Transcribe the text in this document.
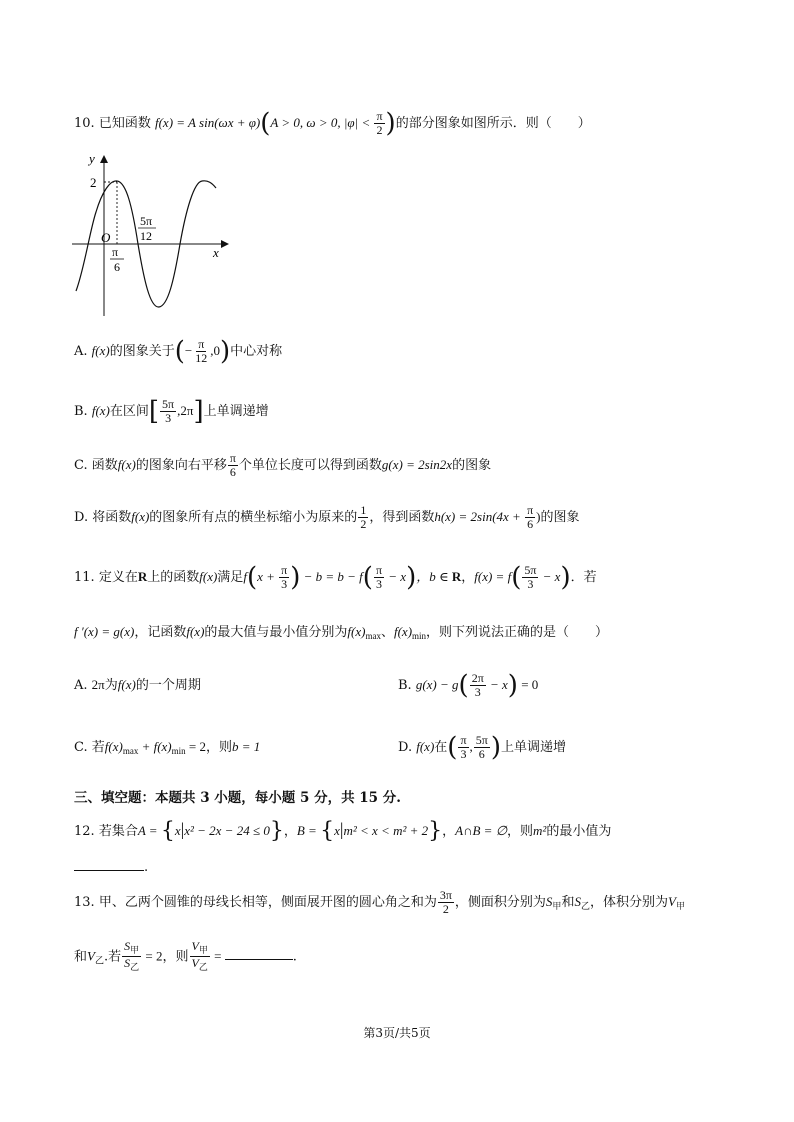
10. 已知函数 f(x) = A sin(ωx + φ)(A > 0, ω > 0, $|\varphi| < \frac{\pi}{2}$ )的部分图象如图所示．则（　　）
y
x
O
2
π
6
5π
12
A. f(x)的图象关于(− $\frac{\pi}{12} ,0$)中心对称
B. f(x)在区间[ $\frac{5\pi}{3} ,2\pi$]上单调递增
C. 函数f(x)的图象向右平移 $\frac{\pi}{6}$ 个单位长度可以得到函数g(x) = 2sin2x的图象
D. 将函数f(x)的图象所有点的横坐标缩小为原来的 $\frac{1}{2}$ ，得到函数$h(x) = 2\sin(4x + \frac{\pi}{6}$ )的图象
11. 定义在R上的函数f(x)满足$f(x + \frac{\pi}{3}$ ) − $b = b - f( \frac{\pi}{3} - x)$，b ∈ R，$f(x) = f( \frac{5\pi}{3} - x)$．若
f ′(x) = g(x)，记函数f(x)的最大值与最小值分别为$f(x)_{max}$、$f(x)_{min}$，则下列说法正确的是（　　）
A. 2π为f(x)的一个周期	B. $g(x) - g( \frac{2\pi}{3} - x) = 0$
C. 若$f(x)_{max} + f(x)_{min} = 2$，则b = 1	D. f(x)在( $\frac{\pi}{3}$ , $\frac{5\pi}{6}$ )上单调递增
三、填空题：本题共 3 小题，每小题 5 分，共 15 分.
12. 若集合A = {x|x² − 2x − 24 ≤ 0}，B = {x|m² < x < m² + 2}，A∩B = ∅，则m²的最小值为
.
13. 甲、乙两个圆锥的母线长相等，侧面展开图的圆心角之和为 $\frac{3\pi}{2}$ ，侧面积分别为$S_甲$和$S_乙$，体积分别为$V_甲$
和$V_乙$.若 $\frac{S_甲}{S_乙} = 2$，则 $\frac{V_甲}{V_乙}$ =	.
第3页/共5页
